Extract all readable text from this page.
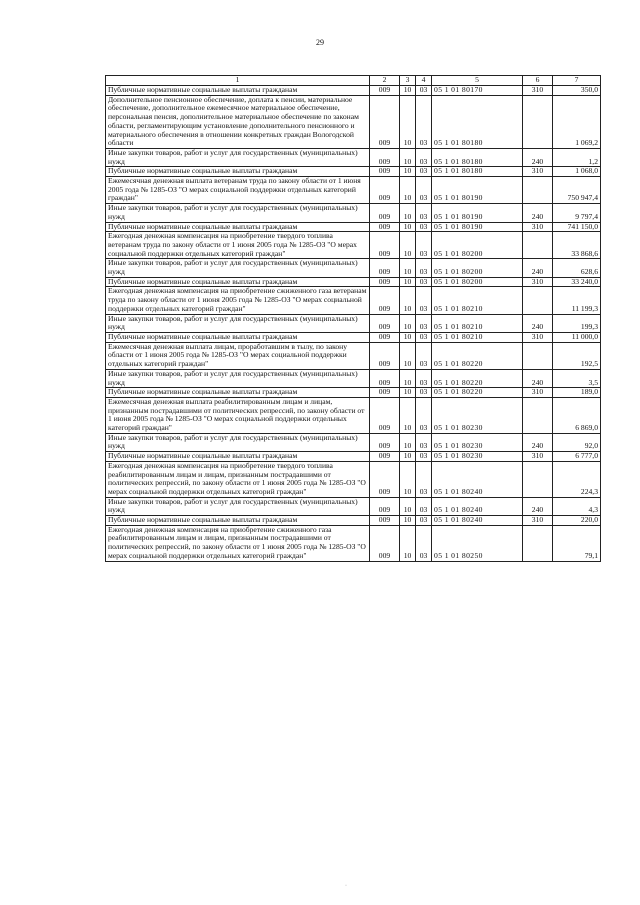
29
1	2	3	4	5	6	7
Публичные нормативные социальные выплаты гражданам	009	10	03	05 1 01 80170	310	350,0
Дополнительное пенсионное обеспечение, доплата к пенсии, материальное обеспечение, дополнительное ежемесячное материальное обеспечение, персональная пенсия, дополнительное материальное обеспечение по законам области, регламентирующим установление дополнительного пенсионного и материального обеспечения в отношении конкретных граждан Вологодской области	009	10	03	05 1 01 80180		1 069,2
Иные закупки товаров, работ и услуг для государственных (муниципальных) нужд	009	10	03	05 1 01 80180	240	1,2
Публичные нормативные социальные выплаты гражданам	009	10	03	05 1 01 80180	310	1 068,0
Ежемесячная денежная выплата ветеранам труда по закону области от 1 июня 2005 года № 1285-ОЗ "О мерах социальной поддержки отдельных категорий граждан"	009	10	03	05 1 01 80190		750 947,4
Иные закупки товаров, работ и услуг для государственных (муниципальных) нужд	009	10	03	05 1 01 80190	240	9 797,4
Публичные нормативные социальные выплаты гражданам	009	10	03	05 1 01 80190	310	741 150,0
Ежегодная денежная компенсация на приобретение твердого топлива ветеранам труда по закону области от 1 июня 2005 года № 1285-ОЗ "О мерах социальной поддержки отдельных категорий граждан"	009	10	03	05 1 01 80200		33 868,6
Иные закупки товаров, работ и услуг для государственных (муниципальных) нужд	009	10	03	05 1 01 80200	240	628,6
Публичные нормативные социальные выплаты гражданам	009	10	03	05 1 01 80200	310	33 240,0
Ежегодная денежная компенсация на приобретение сжиженного газа ветеранам труда по закону области от 1 июня 2005 года № 1285-ОЗ "О мерах социальной поддержки отдельных категорий граждан"	009	10	03	05 1 01 80210		11 199,3
Иные закупки товаров, работ и услуг для государственных (муниципальных) нужд	009	10	03	05 1 01 80210	240	199,3
Публичные нормативные социальные выплаты гражданам	009	10	03	05 1 01 80210	310	11 000,0
Ежемесячная денежная выплата лицам, проработавшим в тылу, по закону области от 1 июня 2005 года № 1285-ОЗ "О мерах социальной поддержки отдельных категорий граждан"	009	10	03	05 1 01 80220		192,5
Иные закупки товаров, работ и услуг для государственных (муниципальных) нужд	009	10	03	05 1 01 80220	240	3,5
Публичные нормативные социальные выплаты гражданам	009	10	03	05 1 01 80220	310	189,0
Ежемесячная денежная выплата реабилитированным лицам и лицам, признанным пострадавшими от политических репрессий, по закону области от 1 июня 2005 года № 1285-ОЗ "О мерах социальной поддержки отдельных категорий граждан"	009	10	03	05 1 01 80230		6 869,0
Иные закупки товаров, работ и услуг для государственных (муниципальных) нужд	009	10	03	05 1 01 80230	240	92,0
Публичные нормативные социальные выплаты гражданам	009	10	03	05 1 01 80230	310	6 777,0
Ежегодная денежная компенсация на приобретение твердого топлива реабилитированным лицам и лицам, признанным пострадавшими от политических репрессий, по закону области от 1 июня 2005 года № 1285-ОЗ "О мерах социальной поддержки отдельных категорий граждан"	009	10	03	05 1 01 80240		224,3
Иные закупки товаров, работ и услуг для государственных (муниципальных) нужд	009	10	03	05 1 01 80240	240	4,3
Публичные нормативные социальные выплаты гражданам	009	10	03	05 1 01 80240	310	220,0
Ежегодная денежная компенсация на приобретение сжиженного газа реабилитированным лицам и лицам, признанным пострадавшими от политических репрессий, по закону области от 1 июня 2005 года № 1285-ОЗ "О мерах социальной поддержки отдельных категорий граждан"	009	10	03	05 1 01 80250		79,1
·
